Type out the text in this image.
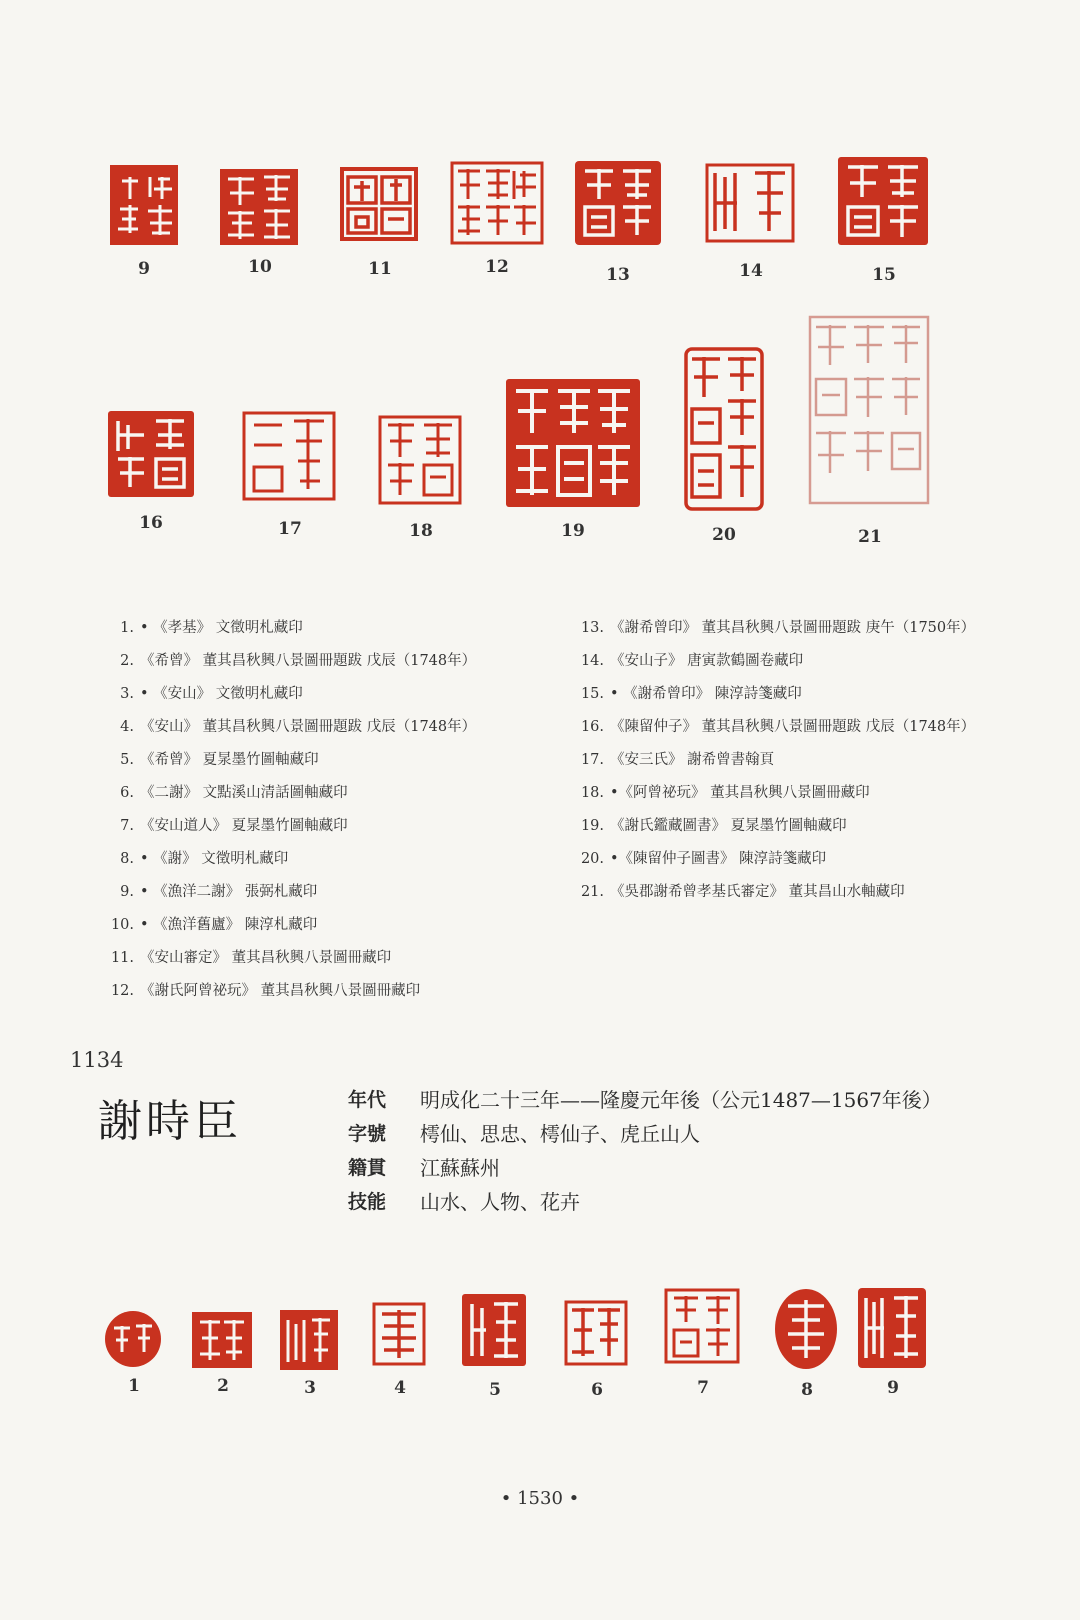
9	10	11	12	13	14	15
16	17	18	19	20	21
1. • 《孝基》 文徵明札藏印
2. 《希曾》 董其昌秋興八景圖冊題跋 戊辰（1748年）
3. • 《安山》 文徵明札藏印
4. 《安山》 董其昌秋興八景圖冊題跋 戊辰（1748年）
5. 《希曾》 夏㫤墨竹圖軸藏印
6. 《二謝》 文點溪山清話圖軸藏印
7. 《安山道人》 夏㫤墨竹圖軸藏印
8. • 《謝》 文徵明札藏印
9. • 《漁洋二謝》 張弼札藏印
10. • 《漁洋舊廬》 陳淳札藏印
11. 《安山審定》 董其昌秋興八景圖冊藏印
12. 《謝氏阿曾祕玩》 董其昌秋興八景圖冊藏印
13. 《謝希曾印》 董其昌秋興八景圖冊題跋 庚午（1750年）
14. 《安山子》 唐寅款鶴圖卷藏印
15. • 《謝希曾印》 陳淳詩箋藏印
16. 《陳留仲子》 董其昌秋興八景圖冊題跋 戊辰（1748年）
17. 《安三氏》 謝希曾書翰頁
18. •《阿曾祕玩》 董其昌秋興八景圖冊藏印
19. 《謝氏鑑藏圖書》 夏㫤墨竹圖軸藏印
20. •《陳留仲子圖書》 陳淳詩箋藏印
21. 《吳郡謝希曾孝基氏審定》 董其昌山水軸藏印
1134
謝時臣	年代	明成化二十三年——隆慶元年後（公元1487—1567年後）
字號	樗仙、思忠、樗仙子、虎丘山人
籍貫	江蘇蘇州
技能	山水、人物、花卉
1	2	3	4	5	6	7	8	9
• 1530 •
